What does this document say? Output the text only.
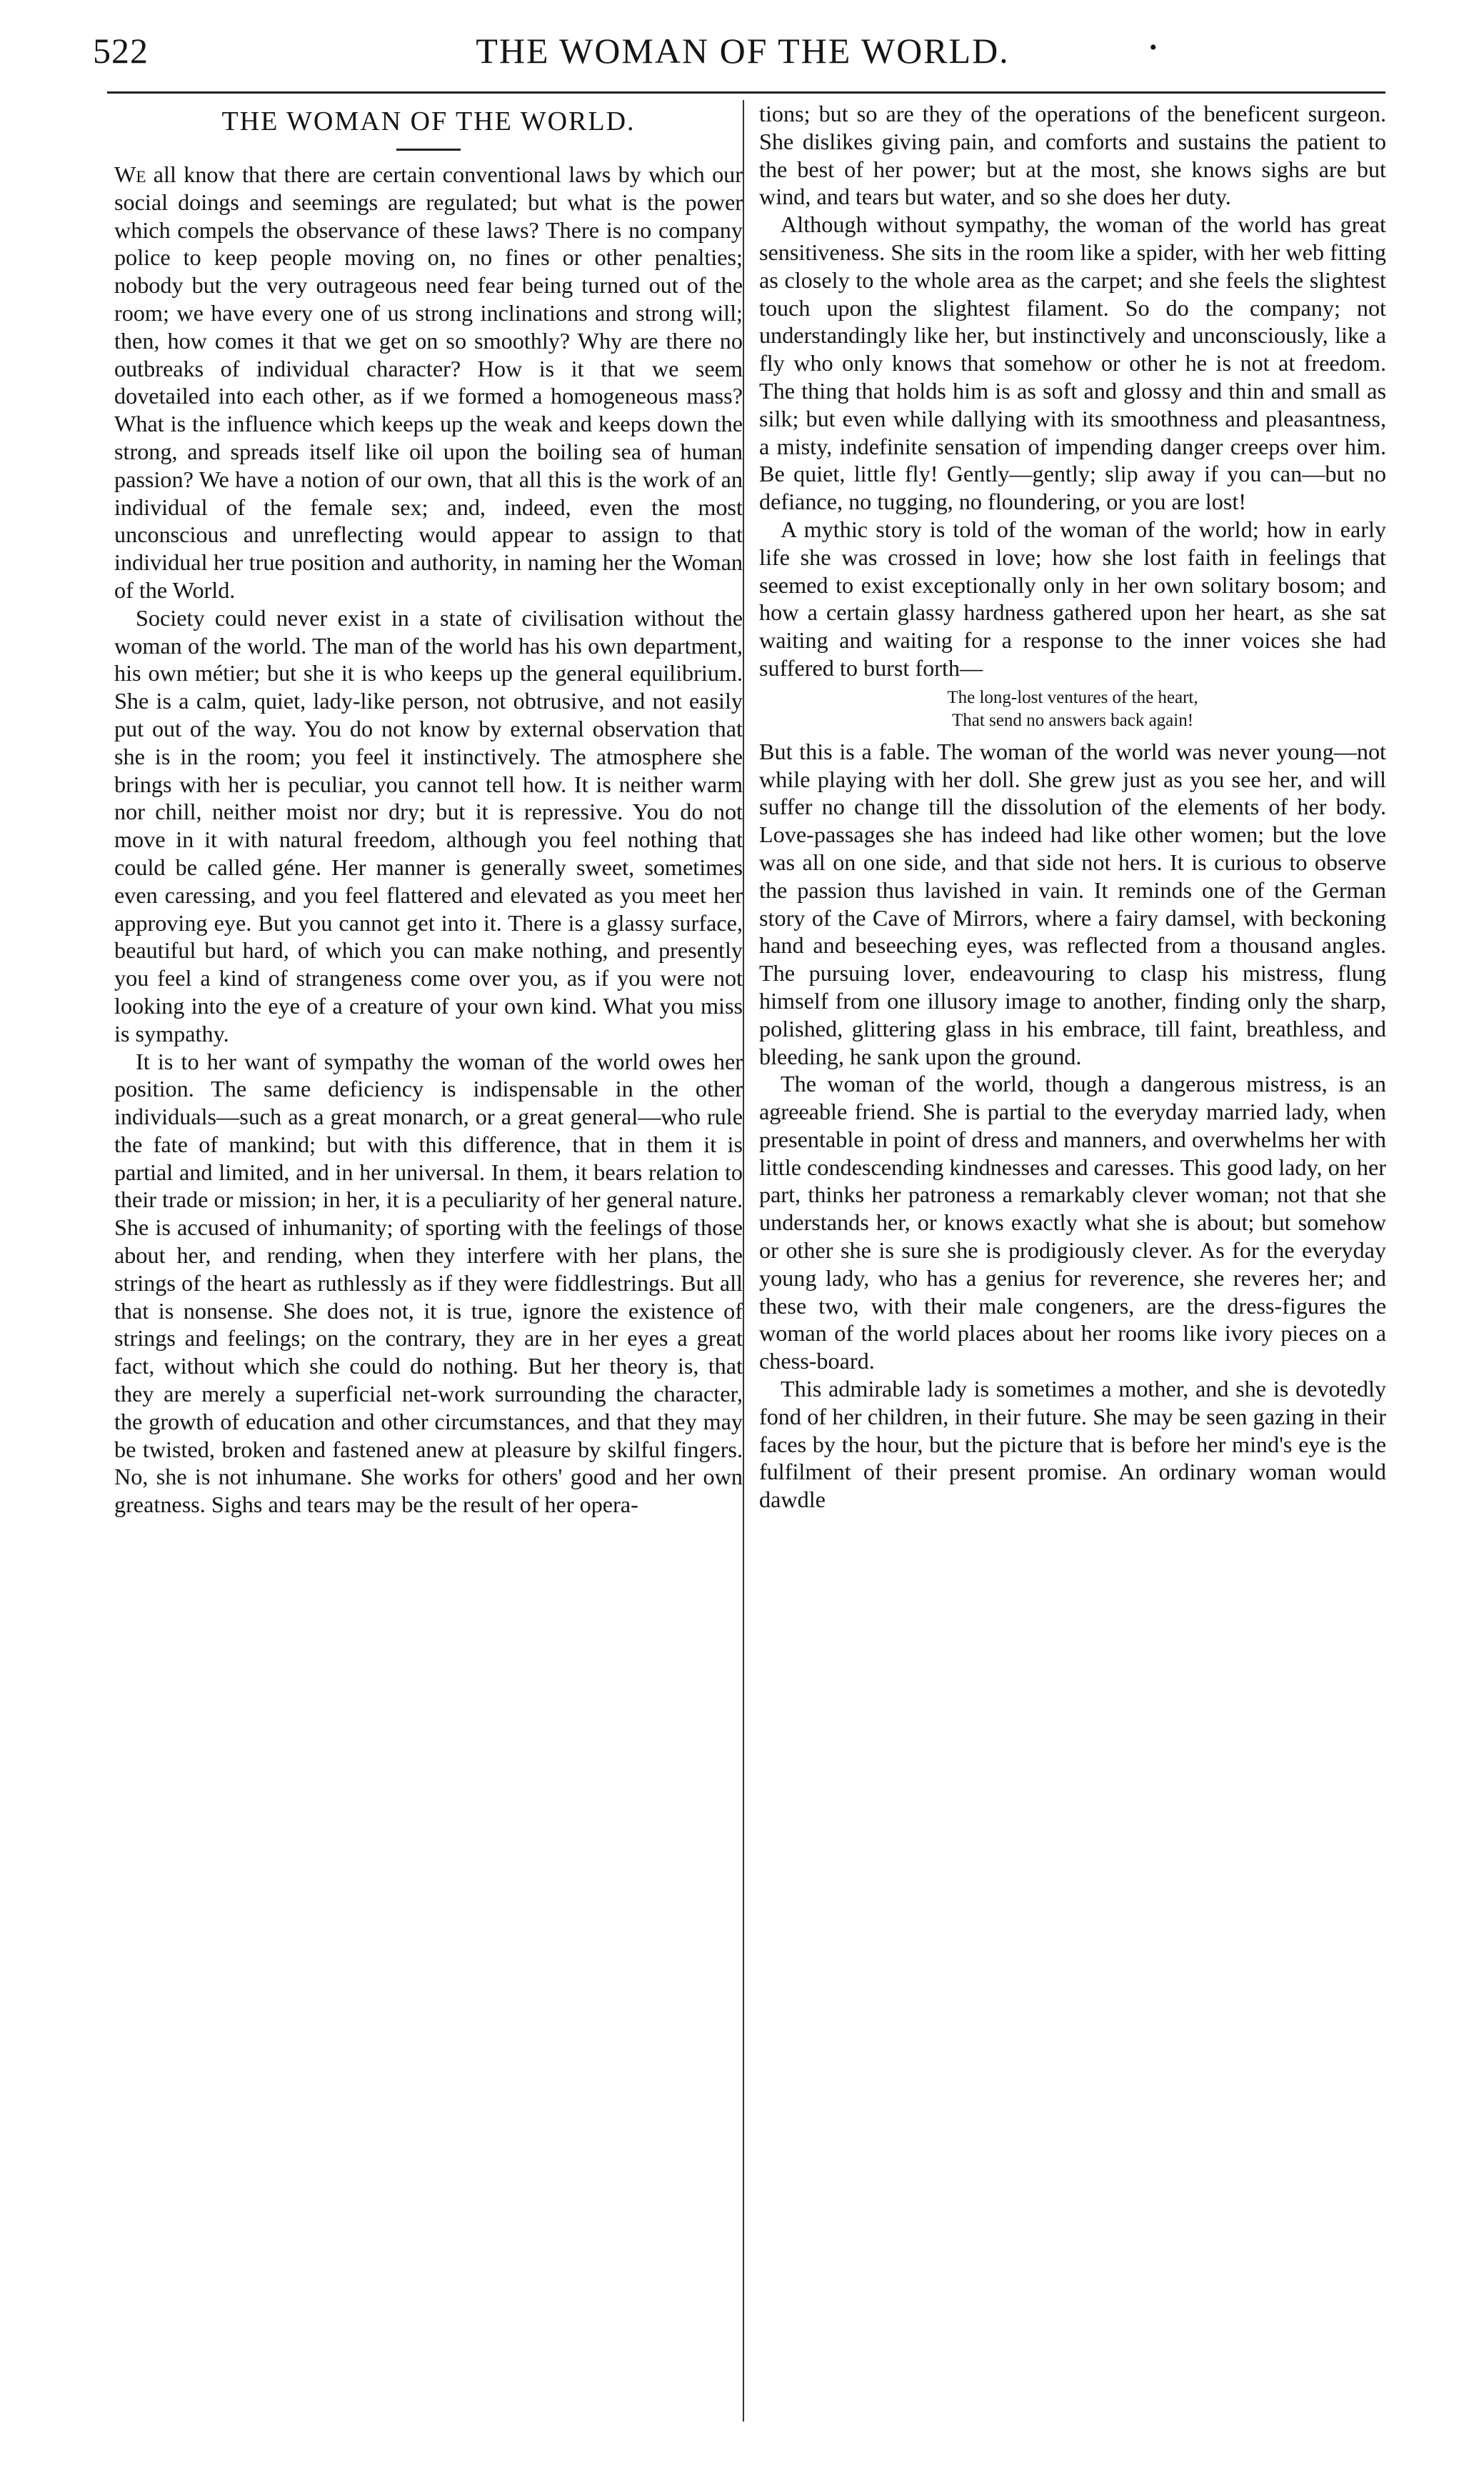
522	THE WOMAN OF THE WORLD.	•
THE WOMAN OF THE WORLD.

We all know that there are certain conventional laws by which our social doings and seemings are regulated; but what is the power which compels the observance of these laws? There is no company police to keep people moving on, no fines or other penalties; nobody but the very outrageous need fear being turned out of the room; we have every one of us strong inclinations and strong will; then, how comes it that we get on so smoothly? Why are there no outbreaks of individual character? How is it that we seem dovetailed into each other, as if we formed a homogeneous mass? What is the influence which keeps up the weak and keeps down the strong, and spreads itself like oil upon the boiling sea of human passion? We have a notion of our own, that all this is the work of an individual of the female sex; and, indeed, even the most unconscious and unreflecting would appear to assign to that individual her true position and authority, in naming her the Woman of the World.

Society could never exist in a state of civilisation without the woman of the world. The man of the world has his own department, his own métier; but she it is who keeps up the general equilibrium. She is a calm, quiet, lady-like person, not obtrusive, and not easily put out of the way. You do not know by external observation that she is in the room; you feel it instinctively. The atmosphere she brings with her is peculiar, you cannot tell how. It is neither warm nor chill, neither moist nor dry; but it is repressive. You do not move in it with natural freedom, although you feel nothing that could be called géne. Her manner is generally sweet, sometimes even caressing, and you feel flattered and elevated as you meet her approving eye. But you cannot get into it. There is a glassy surface, beautiful but hard, of which you can make nothing, and presently you feel a kind of strangeness come over you, as if you were not looking into the eye of a creature of your own kind. What you miss is sympathy.

It is to her want of sympathy the woman of the world owes her position. The same deficiency is indispensable in the other individuals—such as a great monarch, or a great general—who rule the fate of mankind; but with this difference, that in them it is partial and limited, and in her universal. In them, it bears relation to their trade or mission; in her, it is a peculiarity of her general nature. She is accused of inhumanity; of sporting with the feelings of those about her, and rending, when they interfere with her plans, the strings of the heart as ruthlessly as if they were fiddlestrings. But all that is nonsense. She does not, it is true, ignore the existence of strings and feelings; on the contrary, they are in her eyes a great fact, without which she could do nothing. But her theory is, that they are merely a superficial net-work surrounding the character, the growth of education and other circumstances, and that they may be twisted, broken and fastened anew at pleasure by skilful fingers. No, she is not inhumane. She works for others' good and her own greatness. Sighs and tears may be the result of her opera-

tions; but so are they of the operations of the beneficent surgeon. She dislikes giving pain, and comforts and sustains the patient to the best of her power; but at the most, she knows sighs are but wind, and tears but water, and so she does her duty.

Although without sympathy, the woman of the world has great sensitiveness. She sits in the room like a spider, with her web fitting as closely to the whole area as the carpet; and she feels the slightest touch upon the slightest filament. So do the company; not understandingly like her, but instinctively and unconsciously, like a fly who only knows that somehow or other he is not at freedom. The thing that holds him is as soft and glossy and thin and small as silk; but even while dallying with its smoothness and pleasantness, a misty, indefinite sensation of impending danger creeps over him. Be quiet, little fly! Gently—gently; slip away if you can—but no defiance, no tugging, no floundering, or you are lost!

A mythic story is told of the woman of the world; how in early life she was crossed in love; how she lost faith in feelings that seemed to exist exceptionally only in her own solitary bosom; and how a certain glassy hardness gathered upon her heart, as she sat waiting and waiting for a response to the inner voices she had suffered to burst forth—

The long-lost ventures of the heart,
That send no answers back again!

But this is a fable. The woman of the world was never young—not while playing with her doll. She grew just as you see her, and will suffer no change till the dissolution of the elements of her body. Love-passages she has indeed had like other women; but the love was all on one side, and that side not hers. It is curious to observe the passion thus lavished in vain. It reminds one of the German story of the Cave of Mirrors, where a fairy damsel, with beckoning hand and beseeching eyes, was reflected from a thousand angles. The pursuing lover, endeavouring to clasp his mistress, flung himself from one illusory image to another, finding only the sharp, polished, glittering glass in his embrace, till faint, breathless, and bleeding, he sank upon the ground.

The woman of the world, though a dangerous mistress, is an agreeable friend. She is partial to the everyday married lady, when presentable in point of dress and manners, and overwhelms her with little condescending kindnesses and caresses. This good lady, on her part, thinks her patroness a remarkably clever woman; not that she understands her, or knows exactly what she is about; but somehow or other she is sure she is prodigiously clever. As for the everyday young lady, who has a genius for reverence, she reveres her; and these two, with their male congeners, are the dress-figures the woman of the world places about her rooms like ivory pieces on a chess-board.

This admirable lady is sometimes a mother, and she is devotedly fond of her children, in their future. She may be seen gazing in their faces by the hour, but the picture that is before her mind's eye is the fulfilment of their present promise. An ordinary woman would dawdle
